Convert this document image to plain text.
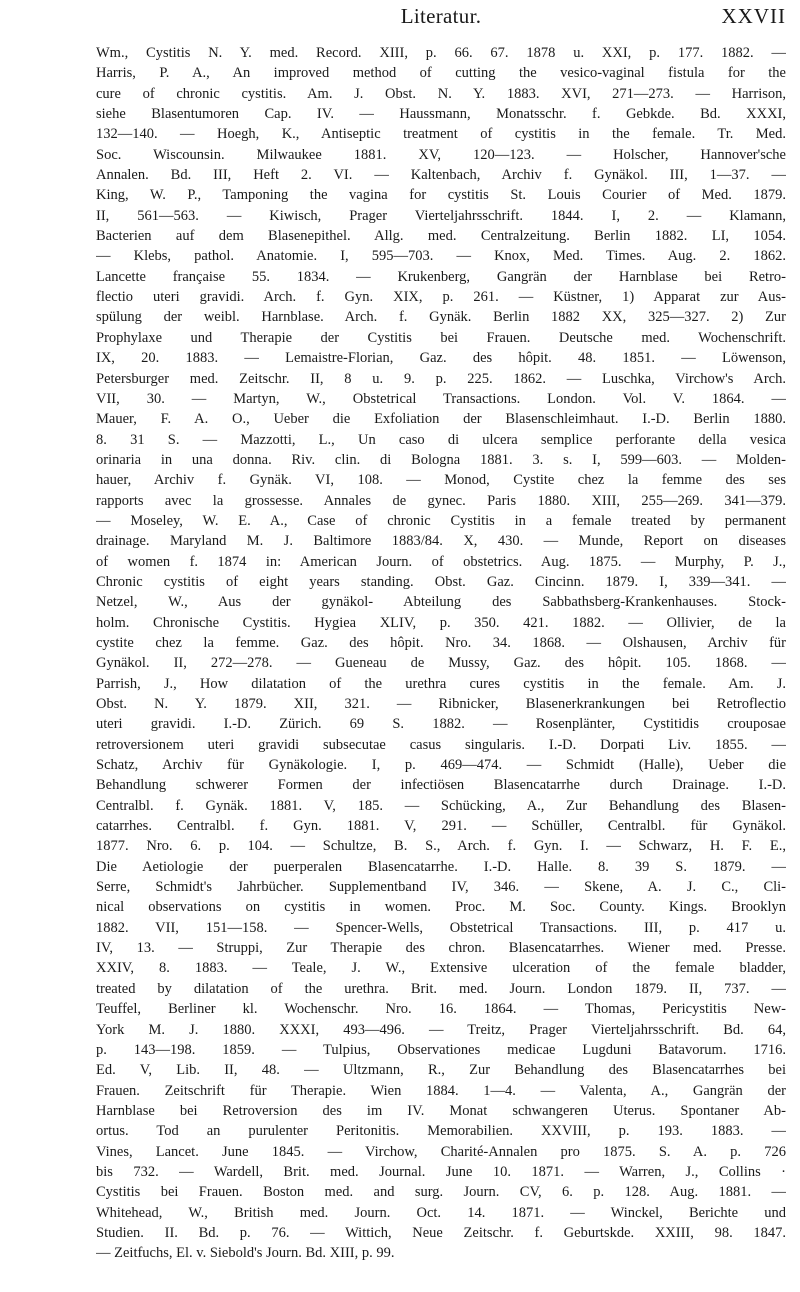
Literatur.	XXVII
Wm., Cystitis N. Y. med. Record. XIII, p. 66. 67. 1878 u. XXI, p. 177. 1882. —
Harris, P. A., An improved method of cutting the vesico-vaginal fistula for the
cure of chronic cystitis. Am. J. Obst. N. Y. 1883. XVI, 271—273. — Harrison,
siehe Blasentumoren Cap. IV. — Haussmann, Monatsschr. f. Gebkde. Bd. XXXI,
132—140. — Hoegh, K., Antiseptic treatment of cystitis in the female. Tr. Med.
Soc. Wiscounsin. Milwaukee 1881. XV, 120—123. — Holscher, Hannover'sche
Annalen. Bd. III, Heft 2. VI. — Kaltenbach, Archiv f. Gynäkol. III, 1—37. —
King, W. P., Tamponing the vagina for cystitis St. Louis Courier of Med. 1879.
II, 561—563. — Kiwisch, Prager Vierteljahrsschrift. 1844. I, 2. — Klamann,
Bacterien auf dem Blasenepithel. Allg. med. Centralzeitung. Berlin 1882. LI, 1054.
— Klebs, pathol. Anatomie. I, 595—703. — Knox, Med. Times. Aug. 2. 1862.
Lancette française 55. 1834. — Krukenberg, Gangrän der Harnblase bei Retro-
flectio uteri gravidi. Arch. f. Gyn. XIX, p. 261. — Küstner, 1) Apparat zur Aus-
spülung der weibl. Harnblase. Arch. f. Gynäk. Berlin 1882 XX, 325—327. 2) Zur
Prophylaxe und Therapie der Cystitis bei Frauen. Deutsche med. Wochenschrift.
IX, 20. 1883. — Lemaistre-Florian, Gaz. des hôpit. 48. 1851. — Löwenson,
Petersburger med. Zeitschr. II, 8 u. 9. p. 225. 1862. — Luschka, Virchow's Arch.
VII, 30. — Martyn, W., Obstetrical Transactions. London. Vol. V. 1864. —
Mauer, F. A. O., Ueber die Exfoliation der Blasenschleimhaut. I.-D. Berlin 1880.
8. 31 S. — Mazzotti, L., Un caso di ulcera semplice perforante della vesica
orinaria in una donna. Riv. clin. di Bologna 1881. 3. s. I, 599—603. — Molden-
hauer, Archiv f. Gynäk. VI, 108. — Monod, Cystite chez la femme des ses
rapports avec la grossesse. Annales de gynec. Paris 1880. XIII, 255—269. 341—379.
— Moseley, W. E. A., Case of chronic Cystitis in a female treated by permanent
drainage. Maryland M. J. Baltimore 1883/84. X, 430. — Munde, Report on diseases
of women f. 1874 in: American Journ. of obstetrics. Aug. 1875. — Murphy, P. J.,
Chronic cystitis of eight years standing. Obst. Gaz. Cincinn. 1879. I, 339—341. —
Netzel, W., Aus der gynäkol- Abteilung des Sabbathsberg-Krankenhauses. Stock-
holm. Chronische Cystitis. Hygiea XLIV, p. 350. 421. 1882. — Ollivier, de la
cystite chez la femme. Gaz. des hôpit. Nro. 34. 1868. — Olshausen, Archiv für
Gynäkol. II, 272—278. — Gueneau de Mussy, Gaz. des hôpit. 105. 1868. —
Parrish, J., How dilatation of the urethra cures cystitis in the female. Am. J.
Obst. N. Y. 1879. XII, 321. — Ribnicker, Blasenerkrankungen bei Retroflectio
uteri gravidi. I.-D. Zürich. 69 S. 1882. — Rosenplänter, Cystitidis crouposae
retroversionem uteri gravidi subsecutae casus singularis. I.-D. Dorpati Liv. 1855. —
Schatz, Archiv für Gynäkologie. I, p. 469—474. — Schmidt (Halle), Ueber die
Behandlung schwerer Formen der infectiösen Blasencatarrhe durch Drainage. I.-D.
Centralbl. f. Gynäk. 1881. V, 185. — Schücking, A., Zur Behandlung des Blasen-
catarrhes. Centralbl. f. Gyn. 1881. V, 291. — Schüller, Centralbl. für Gynäkol.
1877. Nro. 6. p. 104. — Schultze, B. S., Arch. f. Gyn. I. — Schwarz, H. F. E.,
Die Aetiologie der puerperalen Blasencatarrhe. I.-D. Halle. 8. 39 S. 1879. —
Serre, Schmidt's Jahrbücher. Supplementband IV, 346. — Skene, A. J. C., Cli-
nical observations on cystitis in women. Proc. M. Soc. County. Kings. Brooklyn
1882. VII, 151—158. — Spencer-Wells, Obstetrical Transactions. III, p. 417 u.
IV, 13. — Struppi, Zur Therapie des chron. Blasencatarrhes. Wiener med. Presse.
XXIV, 8. 1883. — Teale, J. W., Extensive ulceration of the female bladder,
treated by dilatation of the urethra. Brit. med. Journ. London 1879. II, 737. —
Teuffel, Berliner kl. Wochenschr. Nro. 16. 1864. — Thomas, Pericystitis New-
York M. J. 1880. XXXI, 493—496. — Treitz, Prager Vierteljahrsschrift. Bd. 64,
p. 143—198. 1859. — Tulpius, Observationes medicae Lugduni Batavorum. 1716.
Ed. V, Lib. II, 48. — Ultzmann, R., Zur Behandlung des Blasencatarrhes bei
Frauen. Zeitschrift für Therapie. Wien 1884. 1—4. — Valenta, A., Gangrän der
Harnblase bei Retroversion des im IV. Monat schwangeren Uterus. Spontaner Ab-
ortus. Tod an purulenter Peritonitis. Memorabilien. XXVIII, p. 193. 1883. —
Vines, Lancet. June 1845. — Virchow, Charité-Annalen pro 1875. S. A. p. 726
bis 732. — Wardell, Brit. med. Journal. June 10. 1871. — Warren, J., Collins ·
Cystitis bei Frauen. Boston med. and surg. Journ. CV, 6. p. 128. Aug. 1881. —
Whitehead, W., British med. Journ. Oct. 14. 1871. — Winckel, Berichte und
Studien. II. Bd. p. 76. — Wittich, Neue Zeitschr. f. Geburtskde. XXIII, 98. 1847.
— Zeitfuchs, El. v. Siebold's Journ. Bd. XIII, p. 99.
